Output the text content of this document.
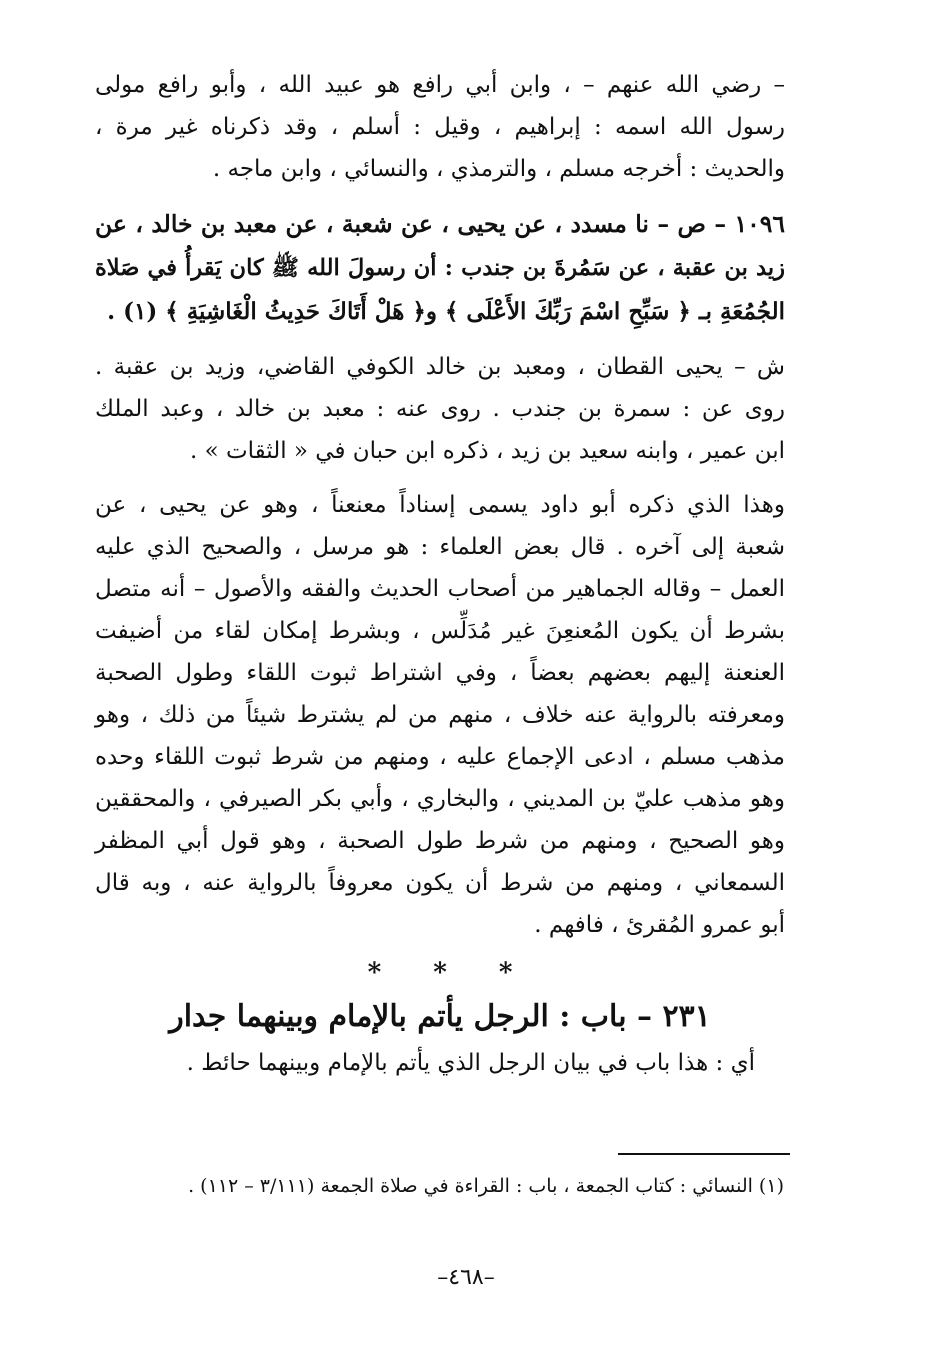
– رضي الله عنهم – ، وابن أبي رافع هو عبيد الله ، وأبو رافع مولى
رسول الله اسمه : إبراهيم ، وقيل : أسلم ، وقد ذكرناه غير مرة ،
والحديث : أخرجه مسلم ، والترمذي ، والنسائي ، وابن ماجه .
١٠٩٦ – ص – نا مسدد ، عن يحيى ، عن شعبة ، عن معبد بن خالد ، عن
زيد بن عقبة ، عن سَمُرةَ بن جندب : أن رسولَ الله ﷺ كان يَقرأُ في صَلاة
الجُمُعَةِ بـ ﴿ سَبِّحِ اسْمَ رَبِّكَ الأَعْلَى ﴾ و﴿ هَلْ أَتَاكَ حَدِيثُ الْغَاشِيَةِ ﴾ (١) .
ش – يحيى القطان ، ومعبد بن خالد الكوفي القاضي، وزيد بن عقبة .
روى عن : سمرة بن جندب . روى عنه : معبد بن خالد ، وعبد الملك
ابن عمير ، وابنه سعيد بن زيد ، ذكره ابن حبان في « الثقات » .
وهذا الذي ذكره أبو داود يسمى إسناداً معنعناً ، وهو عن يحيى ، عن
شعبة إلى آخره . قال بعض العلماء : هو مرسل ، والصحيح الذي عليه
العمل – وقاله الجماهير من أصحاب الحديث والفقه والأصول – أنه متصل
بشرط أن يكون المُعنعِنَ غير مُدَلِّس ، وبشرط إمكان لقاء من أضيفت
العنعنة إليهم بعضهم بعضاً ، وفي اشتراط ثبوت اللقاء وطول الصحبة
ومعرفته بالرواية عنه خلاف ، منهم من لم يشترط شيئاً من ذلك ، وهو
مذهب مسلم ، ادعى الإجماع عليه ، ومنهم من شرط ثبوت اللقاء وحده
وهو مذهب عليّ بن المديني ، والبخاري ، وأبي بكر الصيرفي ، والمحققين
وهو الصحيح ، ومنهم من شرط طول الصحبة ، وهو قول أبي المظفر
السمعاني ، ومنهم من شرط أن يكون معروفاً بالرواية عنه ، وبه قال
أبو عمرو المُقرئ ، فافهم .
*
*
*
٢٣١ – باب : الرجل يأتم بالإمام وبينهما جدار
أي : هذا باب في بيان الرجل الذي يأتم بالإمام وبينهما حائط .
(١) النسائي : كتاب الجمعة ، باب : القراءة في صلاة الجمعة (٣/١١١ – ١١٢) .
–٤٦٨–
